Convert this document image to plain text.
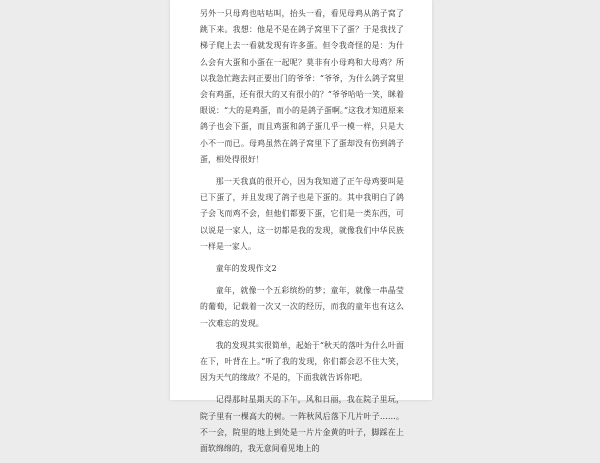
另外一只母鸡也咕咕叫，抬头一看，看见母鸡从鸽子窝了跳下来。我想：他是不是在鸽子窝里下了蛋？于是我找了梯子爬上去一看就发现有许多蛋。但令我奇怪的是：为什么会有大蛋和小蛋在一起呢？莫非有小母鸡和大母鸡？所以我急忙跑去问正要出门的爷爷：“爷爷，为什么鸽子窝里会有鸡蛋，还有很大的又有很小的？”爷爷哈哈一笑，眯着眼说：“大的是鸡蛋，而小的是鸽子蛋啊。”这我才知道原来鸽子也会下蛋，而且鸡蛋和鸽子蛋几乎一模一样，只是大小不一而已。母鸡虽然在鸽子窝里下了蛋却没有伤到鸽子蛋，相处得很好！

那一天我真的很开心，因为我知道了正午母鸡要叫是已下蛋了，并且发现了鸽子也是下蛋的。其中我明白了鸽子会飞而鸡不会，但他们都要下蛋，它们是一类东西，可以说是一家人，这一切都是我的发现，就像我们中华民族一样是一家人。

童年的发现作文2

童年，就像一个五彩缤纷的梦；童年，就像一串晶莹的葡萄，记载着一次又一次的经历，而我的童年也有这么一次难忘的发现。

我的发现其实很简单，起始于“秋天的落叶为什么叶面在下，叶背在上。”听了我的发现，你们都会忍不住大笑，因为天气的缘故？不是的，下面我就告诉你吧。

记得那时星期天的下午，风和日丽，我在院子里玩，院子里有一棵高大的树。一阵秋风后落下几片叶子……。不一会，院里的地上到处是一片片金黄的叶子，脚踩在上面软绵绵的，我无意间看见地上的
